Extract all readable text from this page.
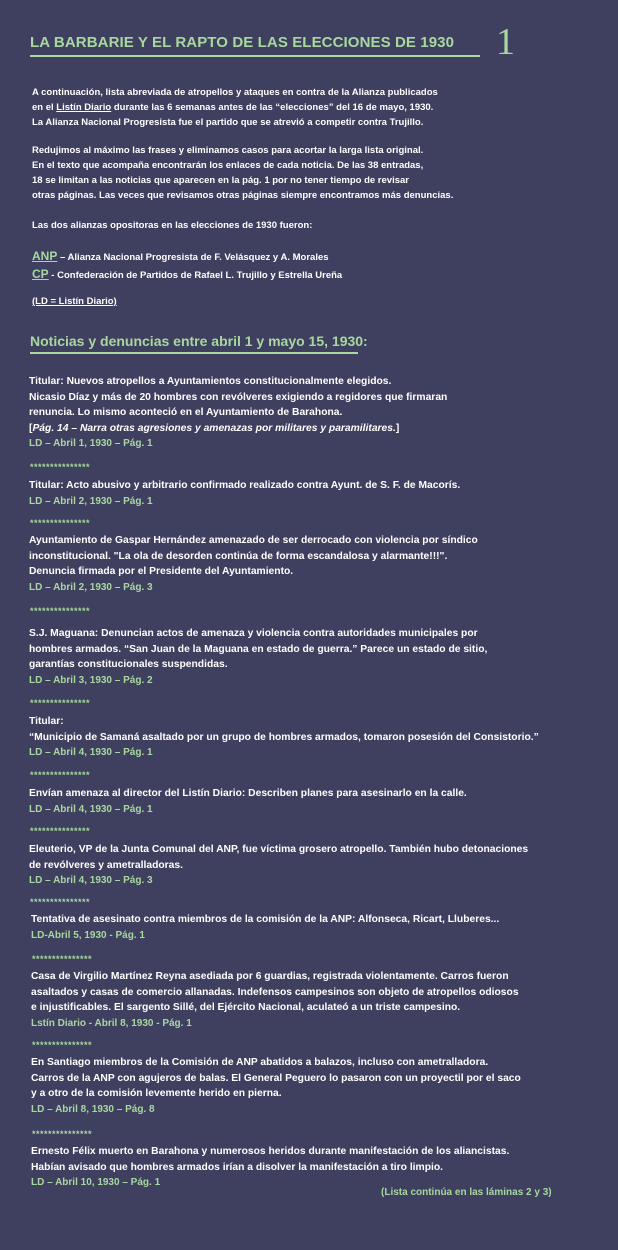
LA BARBARIE Y EL RAPTO DE LAS ELECCIONES DE 1930 1
A continuación, lista abreviada de atropellos y ataques en contra de la Alianza publicados
en el Listín Diario durante las 6 semanas antes de las “elecciones” del 16 de mayo, 1930.
La Alianza Nacional Progresista fue el partido que se atrevió a competir contra Trujillo.
Redujimos al máximo las frases y eliminamos casos para acortar la larga lista original.
En el texto que acompaña encontrarán los enlaces de cada noticia. De las 38 entradas,
18 se limitan a las noticias que aparecen en la pág. 1 por no tener tiempo de revisar
otras páginas. Las veces que revisamos otras páginas siempre encontramos más denuncias.
Las dos alianzas opositoras en las elecciones de 1930 fueron:
ANP – Alianza Nacional Progresista de F. Velásquez y A. Morales
CP - Confederación de Partidos de Rafael L. Trujillo y Estrella Ureña
(LD = Listín Diario)
Noticias y denuncias entre abril 1 y mayo 15, 1930:
Titular: Nuevos atropellos a Ayuntamientos constitucionalmente elegidos.
Nicasio Díaz y más de 20 hombres con revólveres exigiendo a regidores que firmaran
renuncia. Lo mismo aconteció en el Ayuntamiento de Barahona.
[Pág. 14 – Narra otras agresiones y amenazas por militares y paramilitares.]
LD – Abril 1, 1930 – Pág. 1
***************
Titular: Acto abusivo y arbitrario confirmado realizado contra Ayunt. de S. F. de Macorís.
LD – Abril 2, 1930 – Pág. 1
***************
Ayuntamiento de Gaspar Hernández amenazado de ser derrocado con violencia por síndico
inconstitucional. "La ola de desorden continúa de forma escandalosa y alarmante!!!".
Denuncia firmada por el Presidente del Ayuntamiento.
LD – Abril 2, 1930 – Pág. 3
***************
S.J. Maguana: Denuncian actos de amenaza y violencia contra autoridades municipales por
hombres armados. “San Juan de la Maguana en estado de guerra.” Parece un estado de sitio,
garantías constitucionales suspendidas.
LD – Abril 3, 1930 – Pág. 2
***************
Titular:
“Municipio de Samaná asaltado por un grupo de hombres armados, tomaron posesión del Consistorio.”
LD – Abril 4, 1930 – Pág. 1
***************
Envían amenaza al director del Listín Diario: Describen planes para asesinarlo en la calle.
LD – Abril 4, 1930 – Pág. 1
***************
Eleuterio, VP de la Junta Comunal del ANP, fue víctima grosero atropello. También hubo detonaciones
de revólveres y ametralladoras.
LD – Abril 4, 1930 – Pág. 3
***************
Tentativa de asesinato contra miembros de la comisión de la ANP: Alfonseca, Ricart, Lluberes...
LD-Abril 5, 1930 - Pág. 1
***************
Casa de Virgilio Martínez Reyna asediada por 6 guardias, registrada violentamente. Carros fueron
asaltados y casas de comercio allanadas. Indefensos campesinos son objeto de atropellos odiosos
e injustificables. El sargento Sillé, del Ejército Nacional, aculateó a un triste campesino.
Lstín Diario - Abril 8, 1930 - Pág. 1
***************
En Santiago miembros de la Comisión de ANP abatidos a balazos, incluso con ametralladora.
Carros de la ANP con agujeros de balas. El General Peguero lo pasaron con un proyectil por el saco
y a otro de la comisión levemente herido en pierna.
LD – Abril 8, 1930 – Pág. 8
***************
Ernesto Félix muerto en Barahona y numerosos heridos durante manifestación de los aliancistas.
Habían avisado que hombres armados irían a disolver la manifestación a tiro limpio.
LD – Abril 10, 1930 – Pág. 1
(Lista continúa en las láminas 2 y 3)
